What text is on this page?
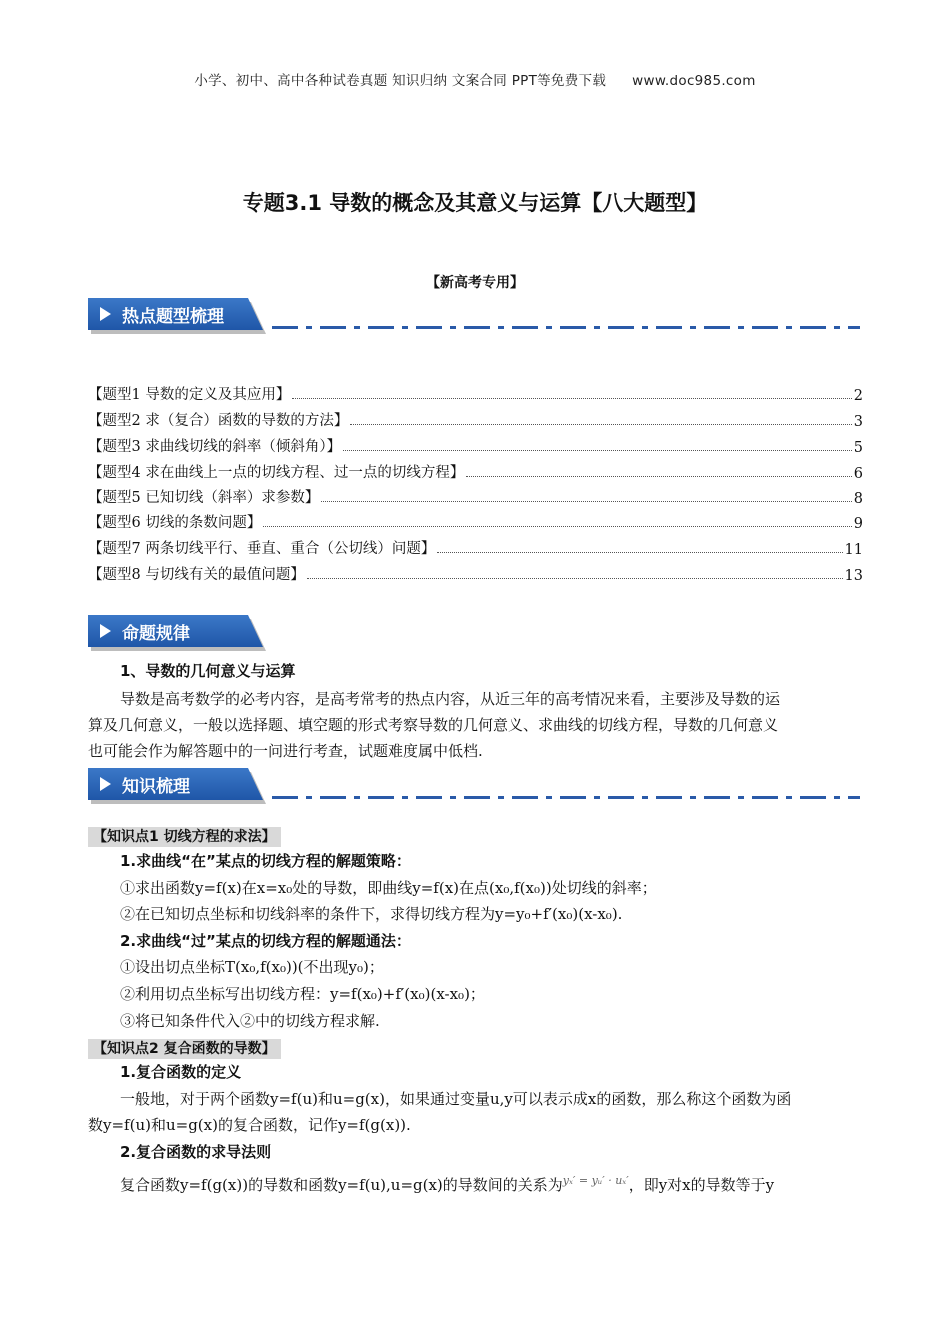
小学、初中、高中各种试卷真题 知识归纳 文案合同 PPT等免费下载 www.doc985.com
专题3.1 导数的概念及其意义与运算【八大题型】
【新高考专用】
热点题型梳理
【题型1 导数的定义及其应用】	2
【题型2 求（复合）函数的导数的方法】	3
【题型3 求曲线切线的斜率（倾斜角）】	5
【题型4 求在曲线上一点的切线方程、过一点的切线方程】	6
【题型5 已知切线（斜率）求参数】	8
【题型6 切线的条数问题】	9
【题型7 两条切线平行、垂直、重合（公切线）问题】	11
【题型8 与切线有关的最值问题】	13
命题规律
1、导数的几何意义与运算
导数是高考数学的必考内容，是高考常考的热点内容，从近三年的高考情况来看，主要涉及导数的运
算及几何意义，一般以选择题、填空题的形式考察导数的几何意义、求曲线的切线方程，导数的几何意义
也可能会作为解答题中的一问进行考查，试题难度属中低档.
知识梳理
【知识点1 切线方程的求法】
1.求曲线“在”某点的切线方程的解题策略：
①求出函数y=f(x)在x=x₀处的导数，即曲线y=f(x)在点(x₀,f(x₀))处切线的斜率；
②在已知切点坐标和切线斜率的条件下，求得切线方程为y=y₀+f′(x₀)(x-x₀).
2.求曲线“过”某点的切线方程的解题通法：
①设出切点坐标T(x₀,f(x₀))(不出现y₀)；
②利用切点坐标写出切线方程：y=f(x₀)+f′(x₀)(x-x₀)；
③将已知条件代入②中的切线方程求解.
【知识点2 复合函数的导数】
1.复合函数的定义
一般地，对于两个函数y=f(u)和u=g(x)，如果通过变量u,y可以表示成x的函数，那么称这个函数为函
数y=f(u)和u=g(x)的复合函数，记作y=f(g(x)).
2.复合函数的求导法则
复合函数y=f(g(x))的导数和函数y=f(u),u=g(x)的导数间的关系为yₓ′ = yᵤ′ · uₓ′，即y对x的导数等于y
